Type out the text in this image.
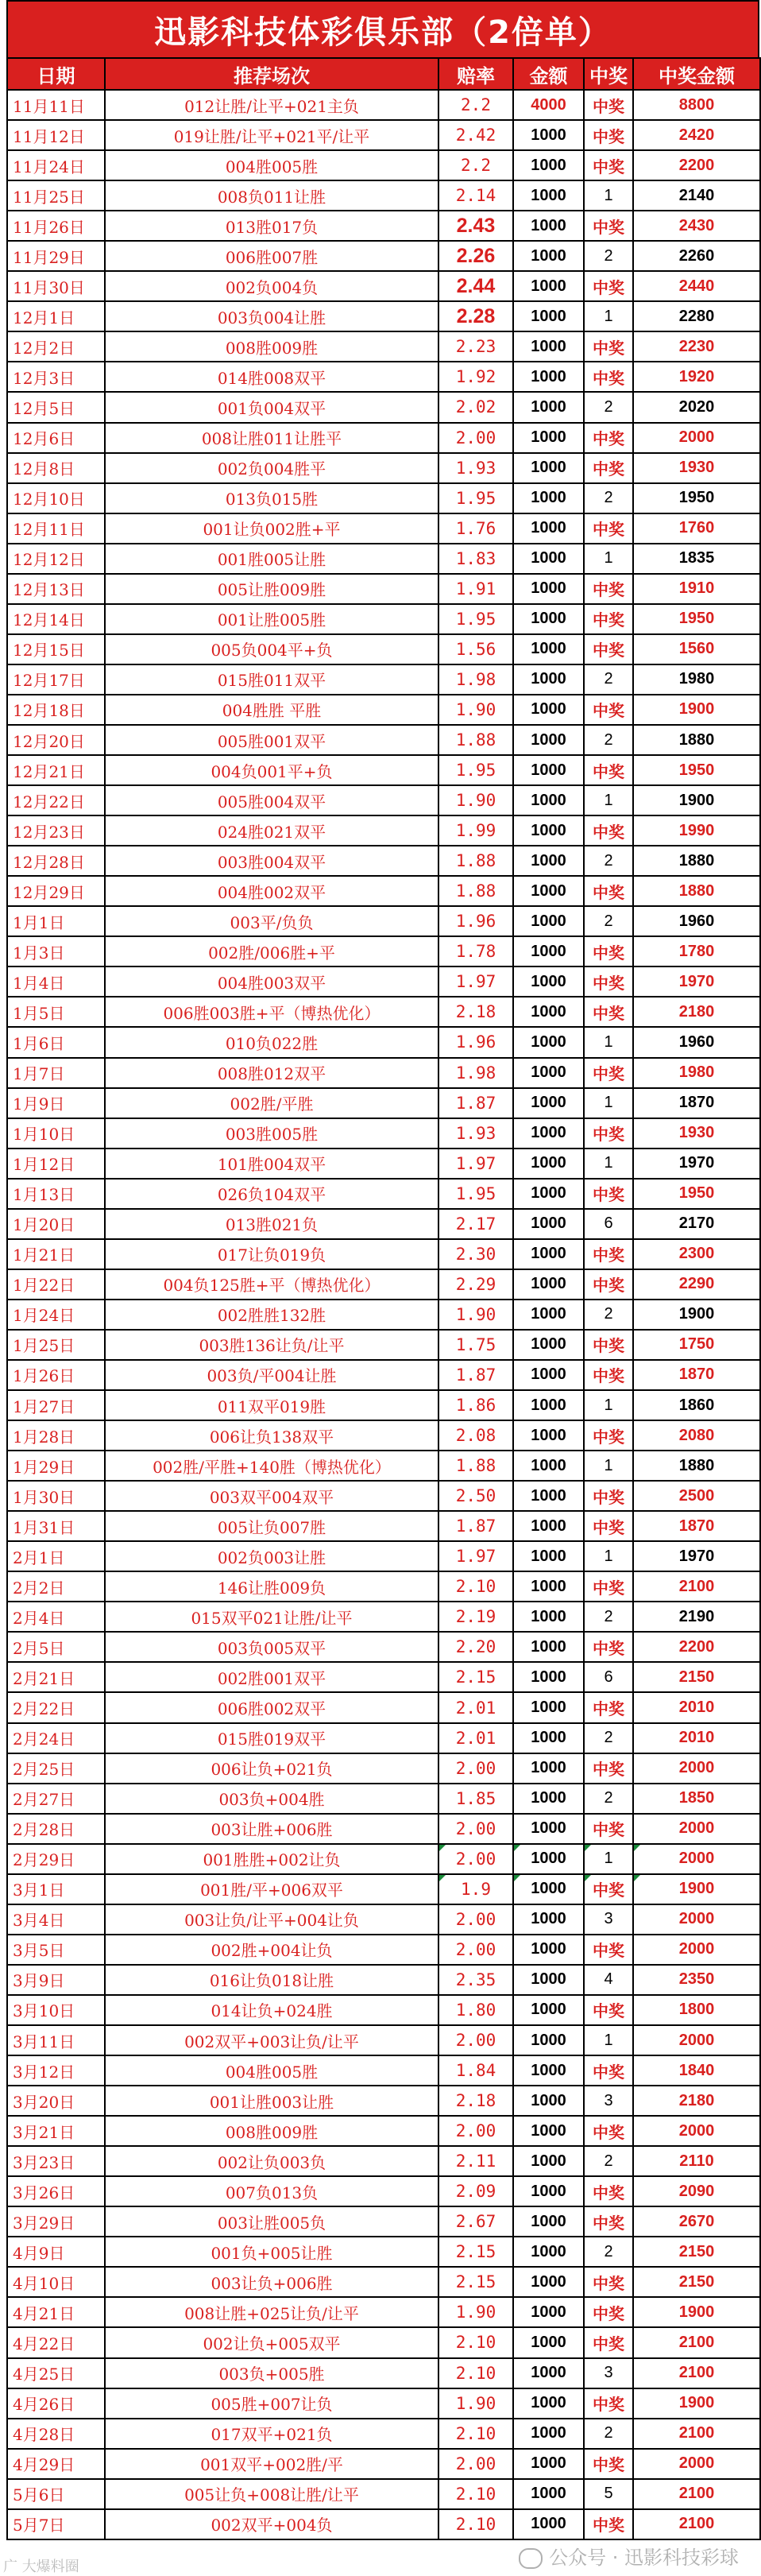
迅影科技体彩俱乐部（2倍单）
日期	推荐场次	赔率	金额	中奖	中奖金额
11月11日	012让胜/让平+021主负	2.2	4000	中奖	8800
11月12日	019让胜/让平+021平/让平	2.42	1000	中奖	2420
11月24日	004胜005胜	2.2	1000	中奖	2200
11月25日	008负011让胜	2.14	1000	1	2140
11月26日	013胜017负	2.43	1000	中奖	2430
11月29日	006胜007胜	2.26	1000	2	2260
11月30日	002负004负	2.44	1000	中奖	2440
12月1日	003负004让胜	2.28	1000	1	2280
12月2日	008胜009胜	2.23	1000	中奖	2230
12月3日	014胜008双平	1.92	1000	中奖	1920
12月5日	001负004双平	2.02	1000	2	2020
12月6日	008让胜011让胜平	2.00	1000	中奖	2000
12月8日	002负004胜平	1.93	1000	中奖	1930
12月10日	013负015胜	1.95	1000	2	1950
12月11日	001让负002胜+平	1.76	1000	中奖	1760
12月12日	001胜005让胜	1.83	1000	1	1835
12月13日	005让胜009胜	1.91	1000	中奖	1910
12月14日	001让胜005胜	1.95	1000	中奖	1950
12月15日	005负004平+负	1.56	1000	中奖	1560
12月17日	015胜011双平	1.98	1000	2	1980
12月18日	004胜胜 平胜	1.90	1000	中奖	1900
12月20日	005胜001双平	1.88	1000	2	1880
12月21日	004负001平+负	1.95	1000	中奖	1950
12月22日	005胜004双平	1.90	1000	1	1900
12月23日	024胜021双平	1.99	1000	中奖	1990
12月28日	003胜004双平	1.88	1000	2	1880
12月29日	004胜002双平	1.88	1000	中奖	1880
1月1日	003平/负负	1.96	1000	2	1960
1月3日	002胜/006胜+平	1.78	1000	中奖	1780
1月4日	004胜003双平	1.97	1000	中奖	1970
1月5日	006胜003胜+平（博热优化）	2.18	1000	中奖	2180
1月6日	010负022胜	1.96	1000	1	1960
1月7日	008胜012双平	1.98	1000	中奖	1980
1月9日	002胜/平胜	1.87	1000	1	1870
1月10日	003胜005胜	1.93	1000	中奖	1930
1月12日	101胜004双平	1.97	1000	1	1970
1月13日	026负104双平	1.95	1000	中奖	1950
1月20日	013胜021负	2.17	1000	6	2170
1月21日	017让负019负	2.30	1000	中奖	2300
1月22日	004负125胜+平（博热优化）	2.29	1000	中奖	2290
1月24日	002胜胜132胜	1.90	1000	2	1900
1月25日	003胜136让负/让平	1.75	1000	中奖	1750
1月26日	003负/平004让胜	1.87	1000	中奖	1870
1月27日	011双平019胜	1.86	1000	1	1860
1月28日	006让负138双平	2.08	1000	中奖	2080
1月29日	002胜/平胜+140胜（博热优化）	1.88	1000	1	1880
1月30日	003双平004双平	2.50	1000	中奖	2500
1月31日	005让负007胜	1.87	1000	中奖	1870
2月1日	002负003让胜	1.97	1000	1	1970
2月2日	146让胜009负	2.10	1000	中奖	2100
2月4日	015双平021让胜/让平	2.19	1000	2	2190
2月5日	003负005双平	2.20	1000	中奖	2200
2月21日	002胜001双平	2.15	1000	6	2150
2月22日	006胜002双平	2.01	1000	中奖	2010
2月24日	015胜019双平	2.01	1000	2	2010
2月25日	006让负+021负	2.00	1000	中奖	2000
2月27日	003负+004胜	1.85	1000	2	1850
2月28日	003让胜+006胜	2.00	1000	中奖	2000
2月29日	001胜胜+002让负	2.00	1000	1	2000
3月1日	001胜/平+006双平	1.9	1000	中奖	1900
3月4日	003让负/让平+004让负	2.00	1000	3	2000
3月5日	002胜+004让负	2.00	1000	中奖	2000
3月9日	016让负018让胜	2.35	1000	4	2350
3月10日	014让负+024胜	1.80	1000	中奖	1800
3月11日	002双平+003让负/让平	2.00	1000	1	2000
3月12日	004胜005胜	1.84	1000	中奖	1840
3月20日	001让胜003让胜	2.18	1000	3	2180
3月21日	008胜009胜	2.00	1000	中奖	2000
3月23日	002让负003负	2.11	1000	2	2110
3月26日	007负013负	2.09	1000	中奖	2090
3月29日	003让胜005负	2.67	1000	中奖	2670
4月9日	001负+005让胜	2.15	1000	2	2150
4月10日	003让负+006胜	2.15	1000	中奖	2150
4月21日	008让胜+025让负/让平	1.90	1000	中奖	1900
4月22日	002让负+005双平	2.10	1000	中奖	2100
4月25日	003负+005胜	2.10	1000	3	2100
4月26日	005胜+007让负	1.90	1000	中奖	1900
4月28日	017双平+021负	2.10	1000	2	2100
4月29日	001双平+002胜/平	2.00	1000	中奖	2000
5月6日	005让负+008让胜/让平	2.10	1000	5	2100
5月7日	002双平+004负	2.10	1000	中奖	2100
广 大爆料圈	公众号 · 迅影科技彩球
